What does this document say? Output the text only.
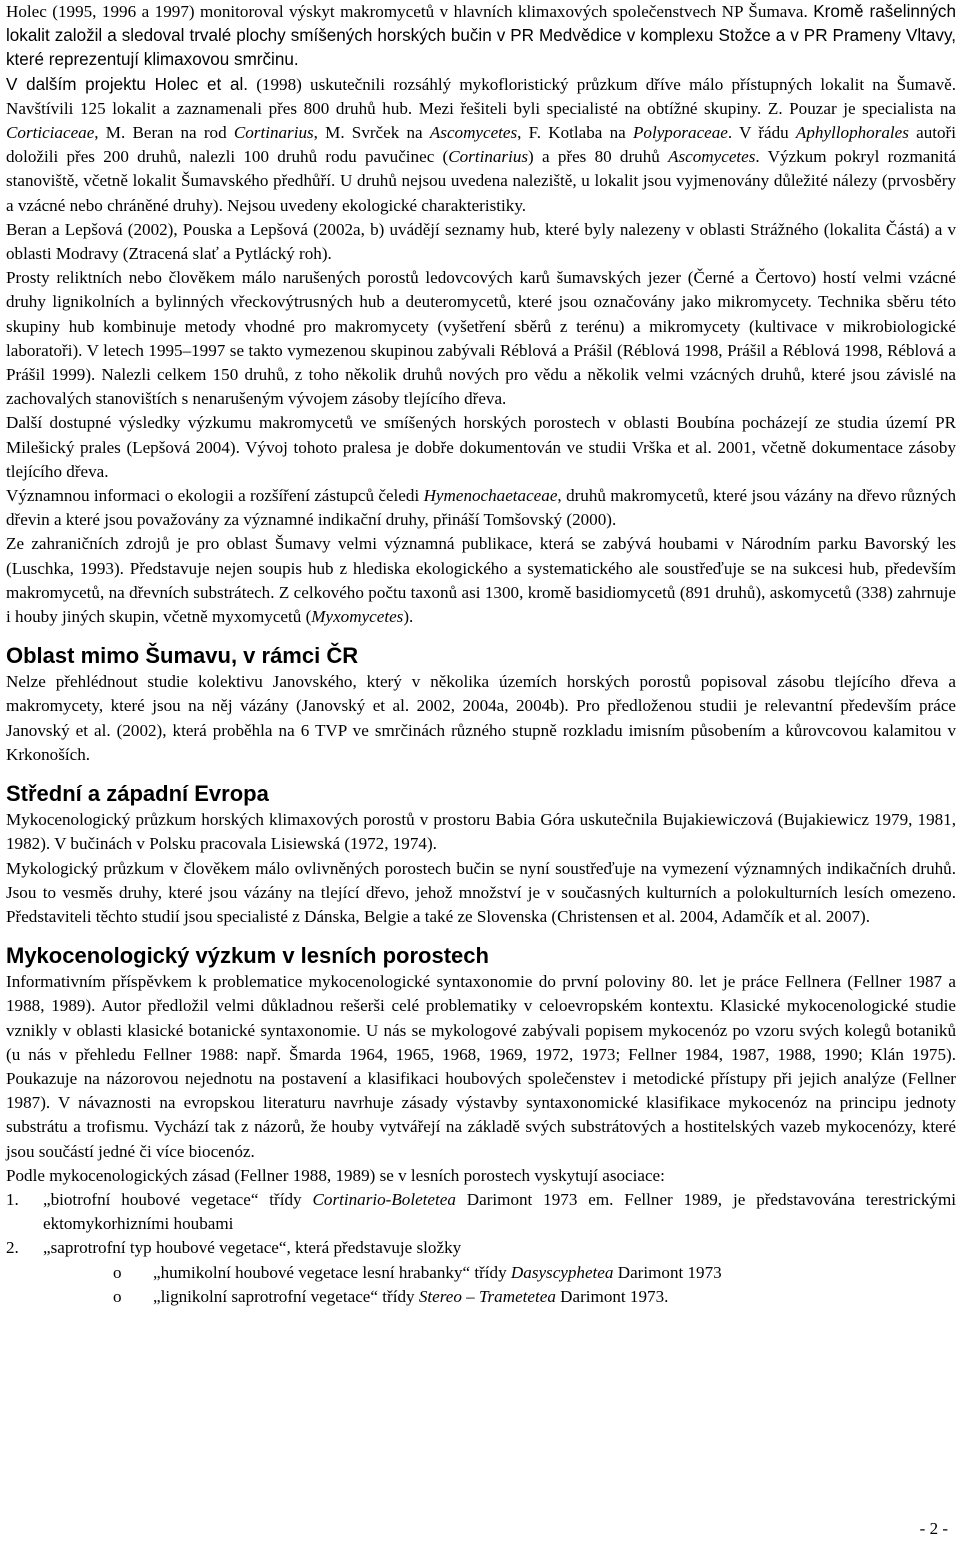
Holec (1995, 1996 a 1997) monitoroval výskyt makromycetů v hlavních klimaxových společenstvech NP Šumava. Kromě rašelinných lokalit založil a sledoval trvalé plochy smíšených horských bučin v PR Medvědice v komplexu Stožce a v PR Prameny Vltavy, které reprezentují klimaxovou smrčinu.

V dalším projektu Holec et al. (1998) uskutečnili rozsáhlý mykofloristický průzkum dříve málo přístupných lokalit na Šumavě. Navštívili 125 lokalit a zaznamenali přes 800 druhů hub. Mezi řešiteli byli specialisté na obtížné skupiny. Z. Pouzar je specialista na Corticiaceae, M. Beran na rod Cortinarius, M. Svrček na Ascomycetes, F. Kotlaba na Polyporaceae. V řádu Aphyllophorales autoři doložili přes 200 druhů, nalezli 100 druhů rodu pavučinec (Cortinarius) a přes 80 druhů Ascomycetes. Výzkum pokryl rozmanitá stanoviště, včetně lokalit Šumavského předhůří. U druhů nejsou uvedena naleziště, u lokalit jsou vyjmenovány důležité nálezy (prvosběry a vzácné nebo chráněné druhy). Nejsou uvedeny ekologické charakteristiky.

Beran a Lepšová (2002), Pouska a Lepšová (2002a, b) uvádějí seznamy hub, které byly nalezeny v oblasti Strážného (lokalita Částá) a v oblasti Modravy (Ztracená slať a Pytlácký roh).

Prosty reliktních nebo člověkem málo narušených porostů ledovcových karů šumavských jezer (Černé a Čertovo) hostí velmi vzácné druhy lignikolních a bylinných vřeckovýtrusných hub a deuteromycetů, které jsou označovány jako mikromycety. Technika sběru této skupiny hub kombinuje metody vhodné pro makromycety (vyšetření sběrů z terénu) a mikromycety (kultivace v mikrobiologické laboratoři). V letech 1995–1997 se takto vymezenou skupinou zabývali Réblová a Prášil (Réblová 1998, Prášil a Réblová 1998, Réblová a Prášil 1999). Nalezli celkem 150 druhů, z toho několik druhů nových pro vědu a několik velmi vzácných druhů, které jsou závislé na zachovalých stanovištích s nenarušeným vývojem zásoby tlejícího dřeva.

Další dostupné výsledky výzkumu makromycetů ve smíšených horských porostech v oblasti Boubína pocházejí ze studia území PR Milešický prales (Lepšová 2004). Vývoj tohoto pralesa je dobře dokumentován ve studii Vrška et al. 2001, včetně dokumentace zásoby tlejícího dřeva.

Významnou informaci o ekologii a rozšíření zástupců čeledi Hymenochaetaceae, druhů makromycetů, které jsou vázány na dřevo různých dřevin a které jsou považovány za významné indikační druhy, přináší Tomšovský (2000).

Ze zahraničních zdrojů je pro oblast Šumavy velmi významná publikace, která se zabývá houbami v Národním parku Bavorský les (Luschka, 1993). Představuje nejen soupis hub z hlediska ekologického a systematického ale soustřeďuje se na sukcesi hub, především makromycetů, na dřevních substrátech. Z celkového počtu taxonů asi 1300, kromě basidiomycetů (891 druhů), askomycetů (338) zahrnuje i houby jiných skupin, včetně myxomycetů (Myxomycetes).

Oblast mimo Šumavu, v rámci ČR

Nelze přehlédnout studie kolektivu Janovského, který v několika územích horských porostů popisoval zásobu tlejícího dřeva a makromycety, které jsou na něj vázány (Janovský et al. 2002, 2004a, 2004b). Pro předloženou studii je relevantní především práce Janovský et al. (2002), která proběhla na 6 TVP ve smrčinách různého stupně rozkladu imisním působením a kůrovcovou kalamitou v Krkonoších.

Střední a západní Evropa

Mykocenologický průzkum horských klimaxových porostů v prostoru Babia Góra uskutečnila Bujakiewiczová (Bujakiewicz 1979, 1981, 1982). V bučinách v Polsku pracovala Lisiewská (1972, 1974).

Mykologický průzkum v člověkem málo ovlivněných porostech bučin se nyní soustřeďuje na vymezení významných indikačních druhů. Jsou to vesměs druhy, které jsou vázány na tlející dřevo, jehož množství je v současných kulturních a polokulturních lesích omezeno. Představiteli těchto studií jsou specialisté z Dánska, Belgie a také ze Slovenska (Christensen et al. 2004, Adamčík et al. 2007).

Mykocenologický výzkum v lesních porostech

Informativním příspěvkem k problematice mykocenologické syntaxonomie do první poloviny 80. let je práce Fellnera (Fellner 1987 a 1988, 1989). Autor předložil velmi důkladnou rešerši celé problematiky v celoevropském kontextu. Klasické mykocenologické studie vznikly v oblasti klasické botanické syntaxonomie. U nás se mykologové zabývali popisem mykocenóz po vzoru svých kolegů botaniků (u nás v přehledu Fellner 1988: např. Šmarda 1964, 1965, 1968, 1969, 1972, 1973; Fellner 1984, 1987, 1988, 1990; Klán 1975). Poukazuje na názorovou nejednotu na postavení a klasifikaci houbových společenstev i metodické přístupy při jejich analýze (Fellner 1987). V návaznosti na evropskou literaturu navrhuje zásady výstavby syntaxonomické klasifikace mykocenóz na principu jednoty substrátu a trofismu. Vychází tak z názorů, že houby vytvářejí na základě svých substrátových a hostitelských vazeb mykocenózy, které jsou součástí jedné či více biocenóz.

Podle mykocenologických zásad (Fellner 1988, 1989) se v lesních porostech vyskytují asociace:

1. „biotrofní houbové vegetace“ třídy Cortinario-Boletetea Darimont 1973 em. Fellner 1989, je představována terestrickými ektomykorhizními houbami
2. „saprotrofní typ houbové vegetace“, která představuje složky
o „humikolní houbové vegetace lesní hrabanky“ třídy Dasyscyphetea Darimont 1973
o „lignikolní saprotrofní vegetace“ třídy Stereo – Trametetea Darimont 1973.
- 2 -
